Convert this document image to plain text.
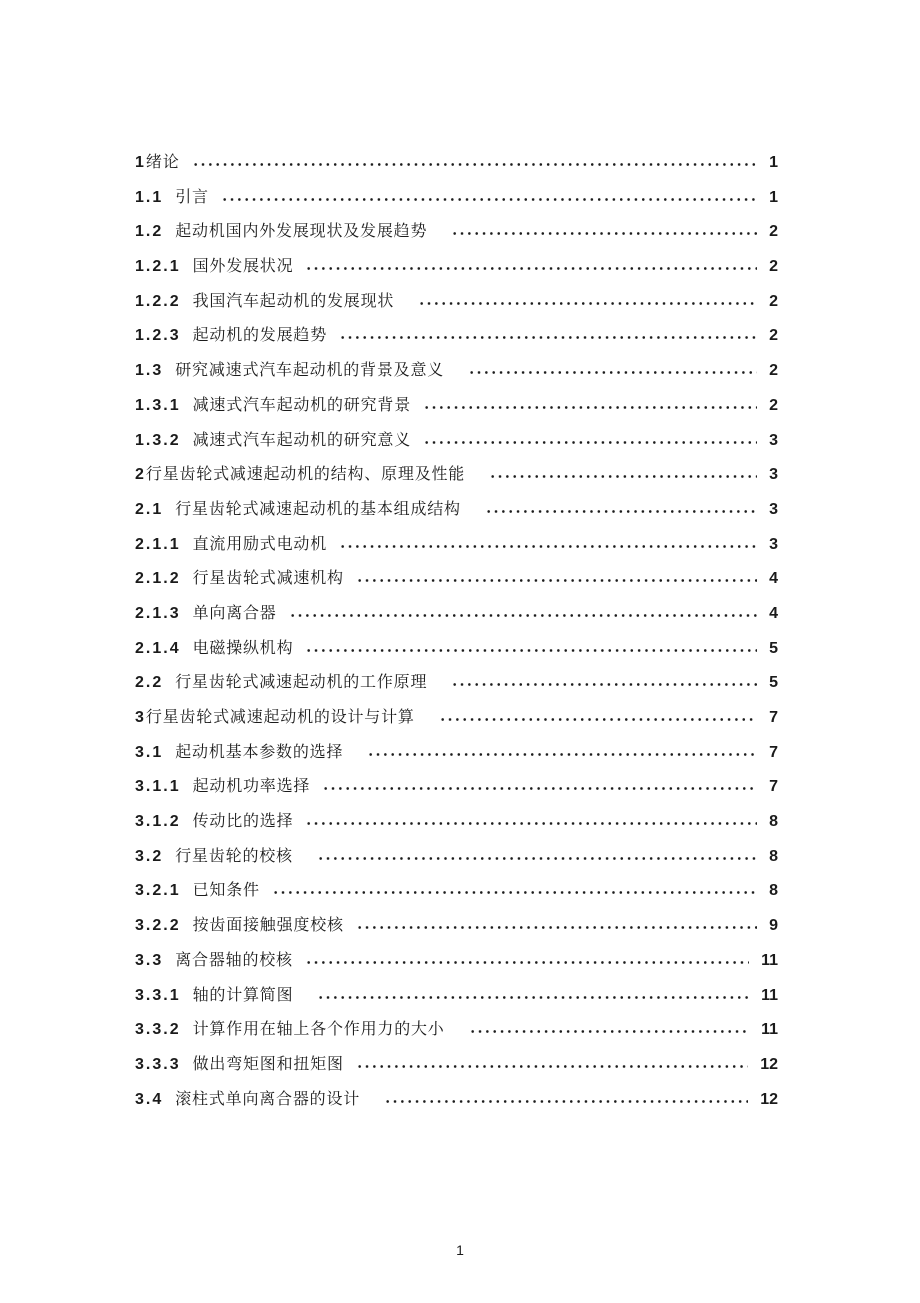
1 绪论	1
1.1 引言	1
1.2 起动机国内外发展现状及发展趋势	2
1.2.1 国外发展状况	2
1.2.2 我国汽车起动机的发展现状	2
1.2.3 起动机的发展趋势	2
1.3 研究减速式汽车起动机的背景及意义	2
1.3.1 减速式汽车起动机的研究背景	2
1.3.2 减速式汽车起动机的研究意义	3
2 行星齿轮式减速起动机的结构、原理及性能	3
2.1 行星齿轮式减速起动机的基本组成结构	3
2.1.1 直流用励式电动机	3
2.1.2 行星齿轮式减速机构	4
2.1.3 单向离合器	4
2.1.4 电磁操纵机构	5
2.2 行星齿轮式减速起动机的工作原理	5
3 行星齿轮式减速起动机的设计与计算	7
3.1 起动机基本参数的选择	7
3.1.1 起动机功率选择	7
3.1.2 传动比的选择	8
3.2 行星齿轮的校核	8
3.2.1 已知条件	8
3.2.2 按齿面接触强度校核	9
3.3 离合器轴的校核	11
3.3.1 轴的计算简图	11
3.3.2 计算作用在轴上各个作用力的大小	11
3.3.3 做出弯矩图和扭矩图	12
3.4 滚柱式单向离合器的设计	12
1
